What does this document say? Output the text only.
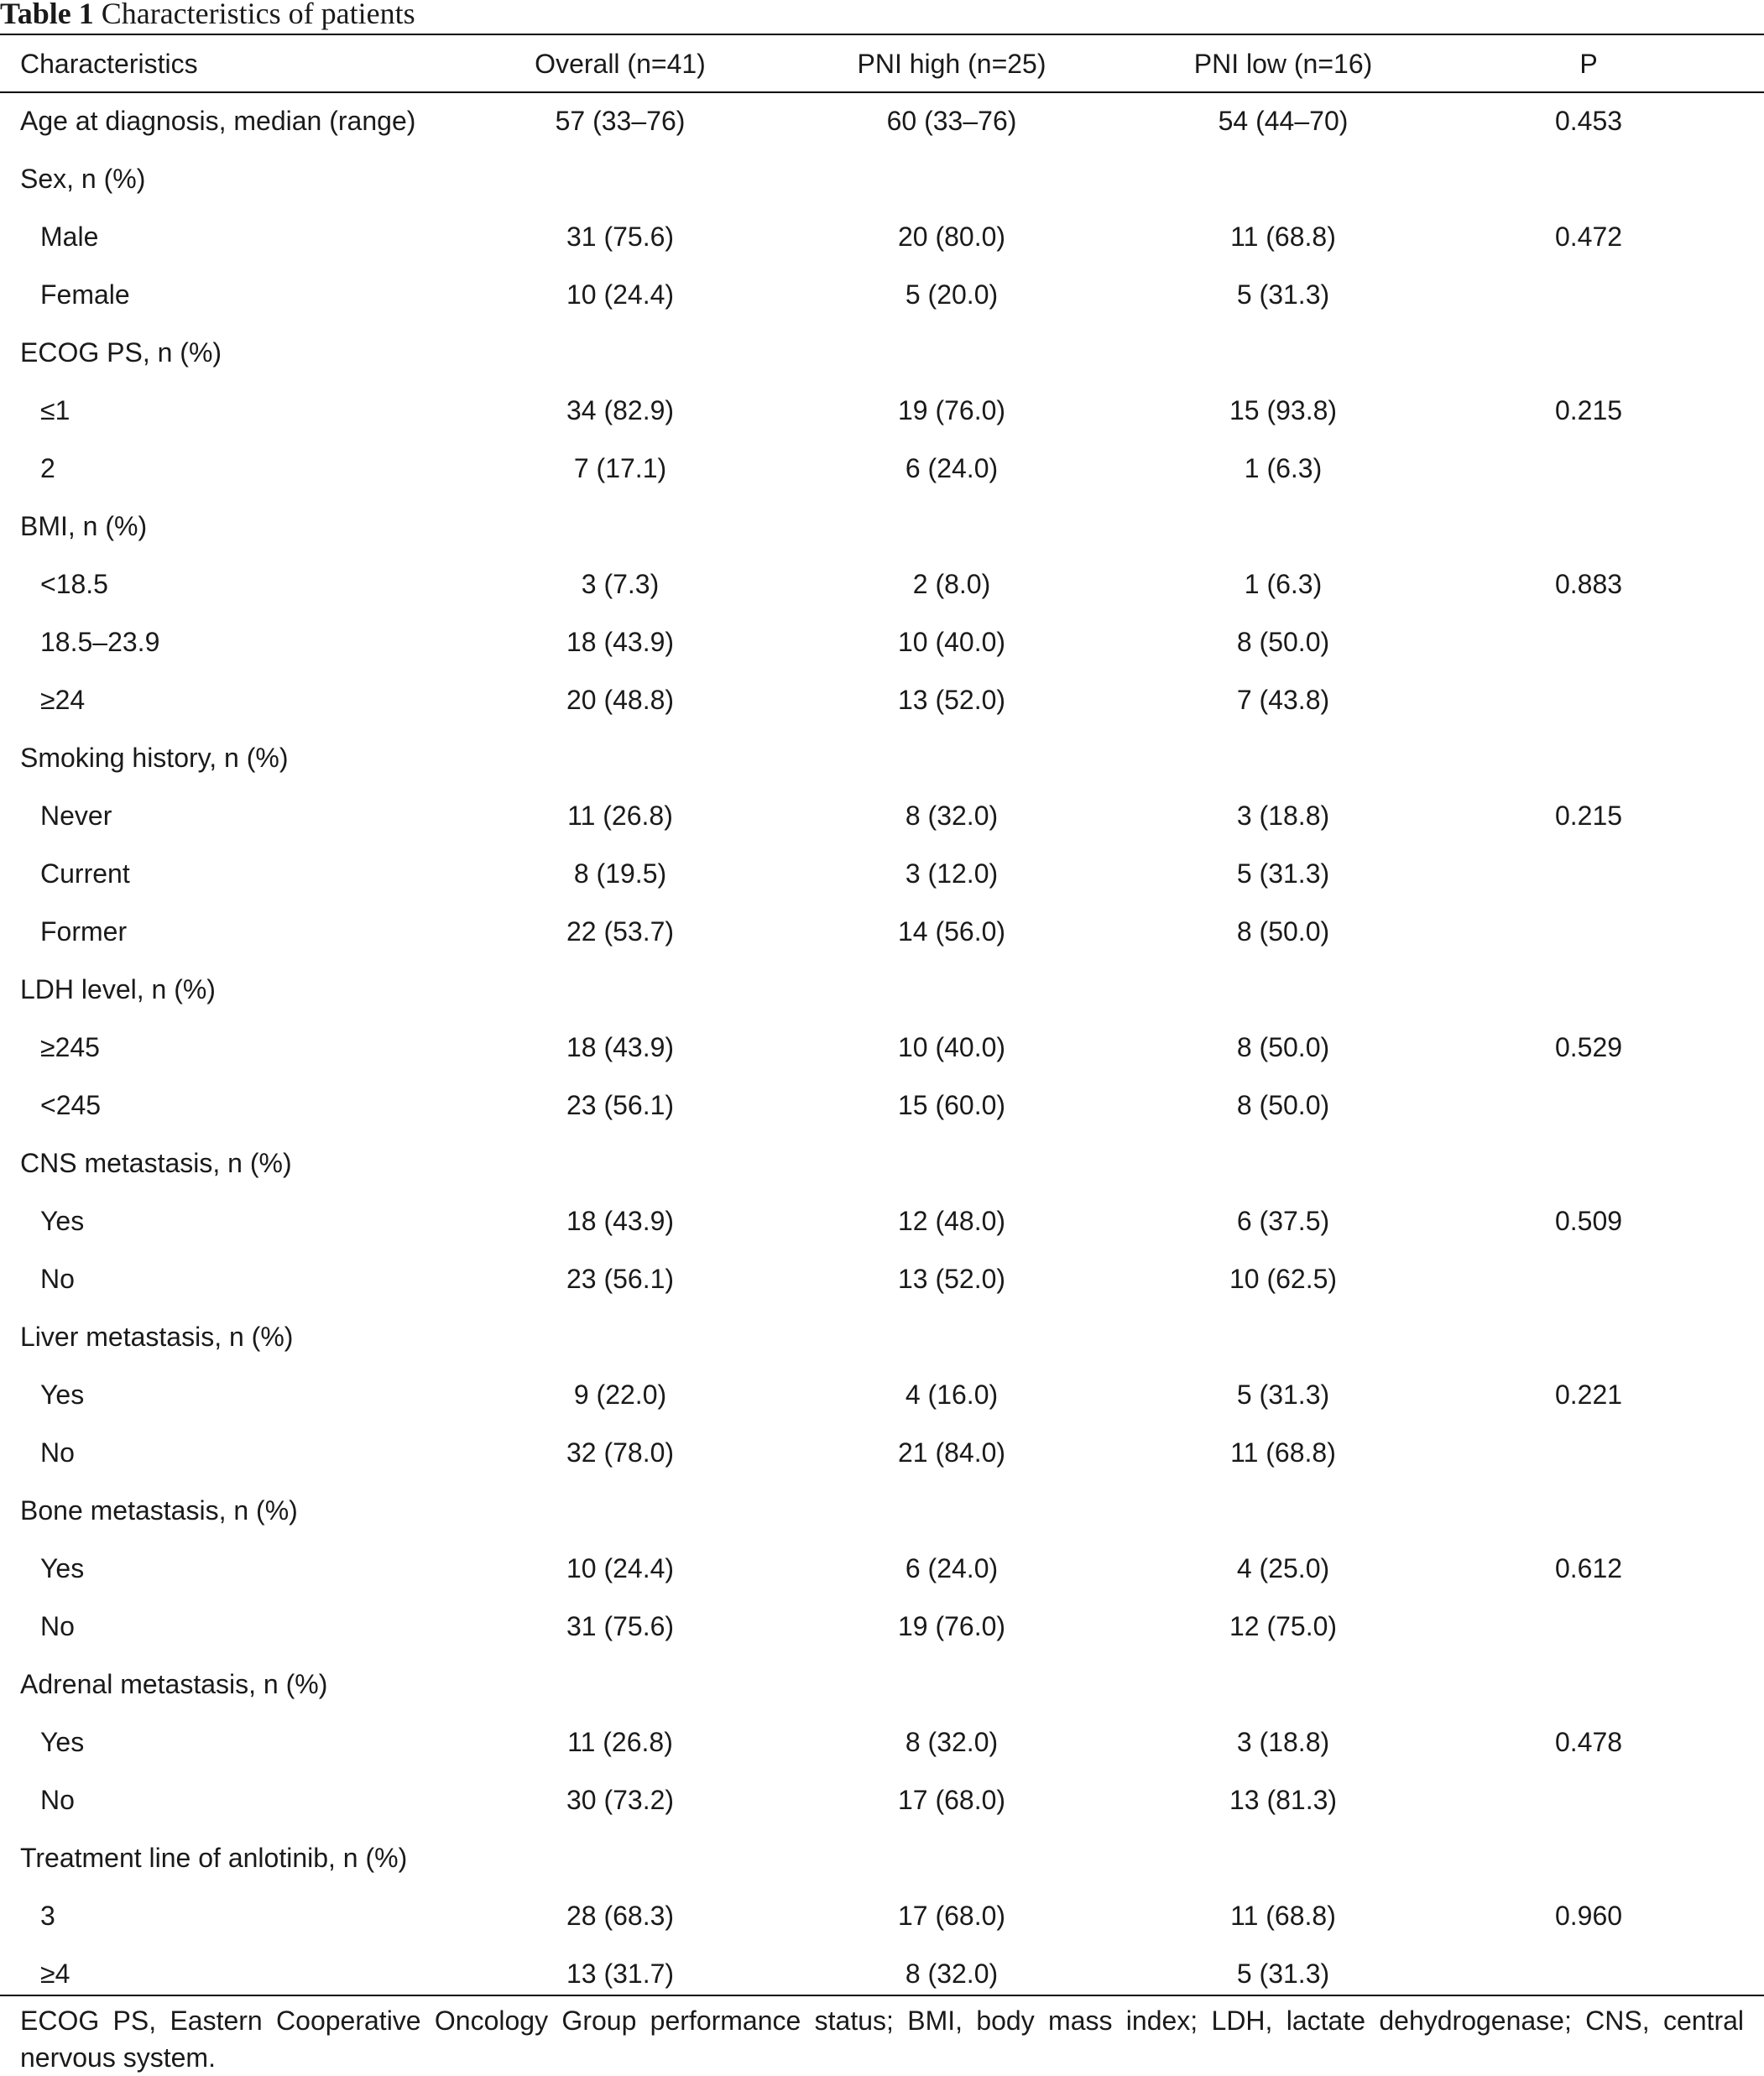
Table 1 Characteristics of patients
Characteristics	Overall (n=41)	PNI high (n=25)	PNI low (n=16)	P
Age at diagnosis, median (range)	57 (33–76)	60 (33–76)	54 (44–70)	0.453
Sex, n (%)				
Male	31 (75.6)	20 (80.0)	11 (68.8)	0.472
Female	10 (24.4)	5 (20.0)	5 (31.3)	
ECOG PS, n (%)				
≤1	34 (82.9)	19 (76.0)	15 (93.8)	0.215
2	7 (17.1)	6 (24.0)	1 (6.3)	
BMI, n (%)				
<18.5	3 (7.3)	2 (8.0)	1 (6.3)	0.883
18.5–23.9	18 (43.9)	10 (40.0)	8 (50.0)	
≥24	20 (48.8)	13 (52.0)	7 (43.8)	
Smoking history, n (%)				
Never	11 (26.8)	8 (32.0)	3 (18.8)	0.215
Current	8 (19.5)	3 (12.0)	5 (31.3)	
Former	22 (53.7)	14 (56.0)	8 (50.0)	
LDH level, n (%)				
≥245	18 (43.9)	10 (40.0)	8 (50.0)	0.529
<245	23 (56.1)	15 (60.0)	8 (50.0)	
CNS metastasis, n (%)				
Yes	18 (43.9)	12 (48.0)	6 (37.5)	0.509
No	23 (56.1)	13 (52.0)	10 (62.5)	
Liver metastasis, n (%)				
Yes	9 (22.0)	4 (16.0)	5 (31.3)	0.221
No	32 (78.0)	21 (84.0)	11 (68.8)	
Bone metastasis, n (%)				
Yes	10 (24.4)	6 (24.0)	4 (25.0)	0.612
No	31 (75.6)	19 (76.0)	12 (75.0)	
Adrenal metastasis, n (%)				
Yes	11 (26.8)	8 (32.0)	3 (18.8)	0.478
No	30 (73.2)	17 (68.0)	13 (81.3)	
Treatment line of anlotinib, n (%)				
3	28 (68.3)	17 (68.0)	11 (68.8)	0.960
≥4	13 (31.7)	8 (32.0)	5 (31.3)	
ECOG PS, Eastern Cooperative Oncology Group performance status; BMI, body mass index; LDH, lactate dehydrogenase; CNS, central nervous system.
